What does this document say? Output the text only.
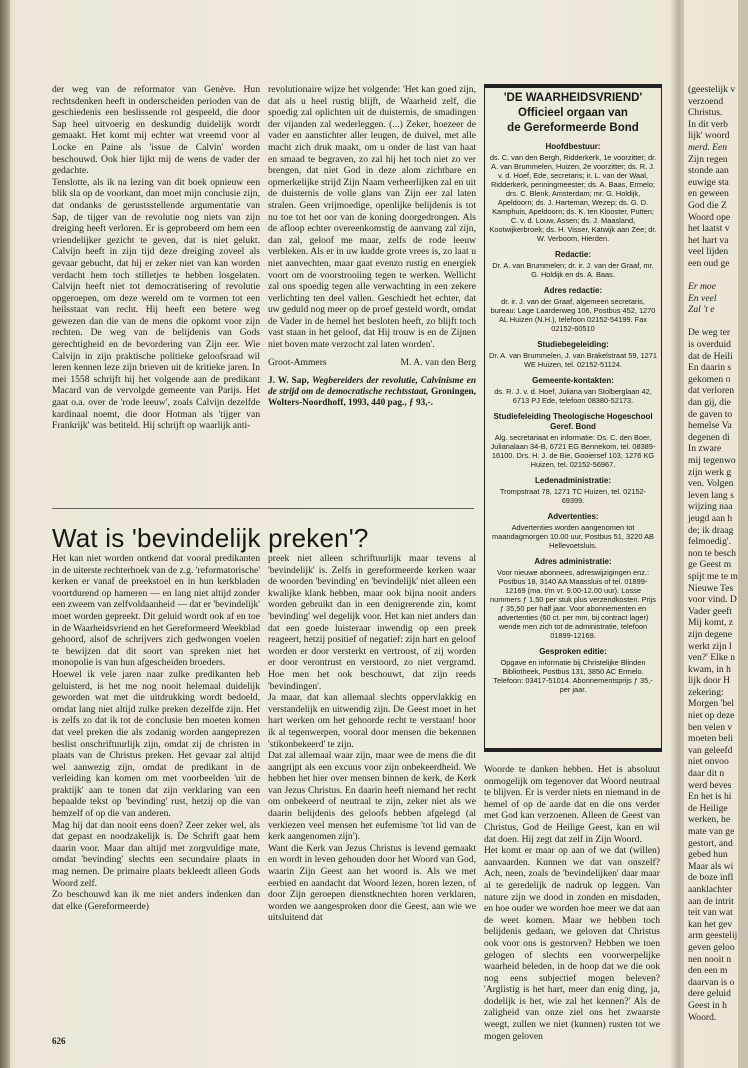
der weg van de reformator van Genève. Hun rechtsdenken heeft in onderscheiden perioden van de geschiedenis een beslissende rol gespeeld, die door Sap heel uitvoerig en deskundig duidelijk wordt gemaakt. Het komt mij echter wat vreemd voor al Locke en Paine als 'issue de Calvin' worden beschouwd. Ook hier lijkt mij de wens de vader der gedachte.

Tenslotte, als ik na lezing van dit boek opnieuw een blik sla op de voorkant, dan moet mijn conclusie zijn, dat ondanks de gerustsstellende argumentatie van Sap, de tijger van de revolutie nog niets van zijn dreiging heeft verloren. Er is geprobeerd om hem een vriendelijker gezicht te geven, dat is niet gelukt. Calvijn heeft in zijn tijd deze dreiging zoveel als gevaar gebucht, dat hij er zeker niet van kan worden verdacht hem toch stilletjes te hebben losgelaten. Calvijn heeft niet tot democratisering of revolutie opgeroepen, om deze wereld om te vormen tot een heilsstaat van recht. Hij heeft een betere weg gewezen dan die van de mens die opkomt voor zijn rechten. De weg van de belijdenis van Gods gerechtigheid en de bevordering van Zijn eer. Wie Calvijn in zijn praktische politieke geloofsraad wil leren kennen leze zijn brieven uit de kritieke jaren. In mei 1558 schrijft hij het volgende aan de predikant Macard van de vervolgde gemeente van Parijs. Het gaat o.a. over de 'rode leeuw', zoals Calvijn dezelfde kardinaal noemt, die door Hotman als 'tijger van Frankrijk' was betiteld. Hij schrijft op waarlijk anti-

revolutionaire wijze het volgende: 'Het kan goed zijn, dat als u heel rustig blijft, de Waarheid zelf, die spoedig zal oplichten uit de duisternis, de smadingen der vijanden zal wederleggen. (...) Zeker, hoezeer de vader en aanstichter aller leugen, de duivel, met alle macht zich druk maakt, om u onder de last van haat en smaad te begraven, zo zal hij het toch niet zo ver brengen, dat niet God in deze alom zichtbare en opmerkelijke strijd Zijn Naam verheerlijken zal en uit de duisternis de volle glans van Zijn eer zal laten stralen. Geen vrijmoedige, openlijke belijdenis is tot nu toe tot het oor van de koning doorgedrongen. Als de afloop echter overeenkomstig de aanvang zal zijn, dan zal, geloof me maar, zelfs de rode leeuw verbleken. Als er in uw kudde grote vrees is, zo laat u niet aanvechten, maar gaat evenzo rustig en energiek voort om de voorstrooiing tegen te werken. Wellicht zal ons spoedig tegen alle verwachting in een zekere verlichting ten deel vallen. Geschiedt het echter, dat uw geduld nog meer op de proef gesteld wordt, omdat de Vader in de hemel het besloten heeft, zo blijft toch vast staan in het geloof, dat Hij trouw is en de Zijnen niet boven mate verzocht zal laten worden'.

Groot-Ammers	M. A. van den Berg
J. W. Sap, Wegbereiders der revolutie, Calvinisme en de strijd om de democratische rechtsstaat, Groningen, Wolters-Noordhoff, 1993, 440 pag., ƒ 93,-.
Wat is 'bevindelijk preken'?

Het kan niet worden ontkend dat vooral predikanten in de uiterste rechterhoek van de z.g. 'reformatorische' kerken er vanaf de preekstoel en in hun kerkbladen voortdurend op hameren — en lang niet altijd zonder een zweem van zelfvoldaanheid — dat er 'bevindelijk' moet worden gepreekt. Dit geluid wordt ook af en toe in de Waarheidsvriend en het Gereformeerd Weekblad gehoord, alsof de schrijvers zich gedwongen voelen te bewijzen dat dit soort van spreken niet het monopolie is van hun afgescheiden broeders.

Hoewel ik vele jaren naar zulke predikanten heb geluisterd, is het me nog nooit helemaal duidelijk geworden wat met die uitdrukking wordt bedoeld, omdat lang niet altijd zulke preken dezelfde zijn. Het is zelfs zo dat ik tot de conclusie ben moeten komen dat veel preken die als zodanig worden aangeprezen beslist onschriftuurlijk zijn, omdat zij de christen in plaats van de Christus preken. Het gevaar zal altijd wel aanwezig zijn, omdat de predikant in de verleiding kan komen om met voorbeelden 'uit de praktijk' aan te tonen dat zijn verklaring van een bepaalde tekst op 'bevinding' rust, hetzij op die van hemzelf of op die van anderen.

Mag hij dat dan nooit eens doen? Zeer zeker wel, als dat gepast en noodzakelijk is. De Schrift gaat hem daarin voor. Maar dan altijd met zorgvuldige mate, omdat 'bevinding' slechts een secundaire plaats in mag nemen. De primaire plaats bekleedt alleen Gods Woord zelf.

Zo beschouwd kan ik me niet anders indenken dan dat elke (Gereformeerde)

preek niet alleen schriftuurlijk maar tevens al 'bevindelijk' is. Zelfs in gereformeerde kerken waar de woorden 'bevinding' en 'bevindelijk' niet alleen een kwalijke klank hebben, maar ook bijna nooit anders worden gebruikt dan in een denigrerende zin, komt 'bevinding' wel degelijk voor. Het kan niet anders dan dat een goede luisteraar inwendig op een preek reageert, hetzij positief of negatief: zijn hart en geloof worden er door versterkt en vertroost, of zij worden er door verontrust en verstoord, zo niet vergramd. Hoe men het ook beschouwt, dat zijn reeds 'bevindingen'.

Ja maar, dat kan allemaal slechts oppervlakkig en verstandelijk en uitwendig zijn. De Geest moet in het hart werken om het gehoorde recht te verstaan! hoor ik al tegenwerpen, vooral door mensen die bekennen 'stikonbekeerd' te zijn.

Dat zal allemaal waar zijn, maar wee de mens die dit aangrijpt als een excuus voor zijn onbekeerdheid. We hebben het hier over mensen binnen de kerk, de Kerk van Jezus Christus. En daarin heeft niemand het recht om onbekeerd of neutraal te zijn, zeker niet als we daarin belijdenis des geloofs hebben afgelegd (al verkiezen veel mensen het eufemisme 'tot lid van de kerk aangenomen zijn').

Want die Kerk van Jezus Christus is levend gemaakt en wordt in leven gehouden door het Woord van God, waarin Zijn Geest aan het woord is. Als we met eerbied en aandacht dat Woord lezen, horen lezen, of door Zijn geroepen dienstknechten horen verklaren, worden we aangesproken door die Geest, aan wie we uitsluitend dat

Woorde te danken hebben. Het is absoluut onmogelijk om tegenover dat Woord neutraal te blijven. Er is verder niets en niemand in de hemel of op de aarde dat en die ons verder met God kan verzoenen. Alleen de Geest van Christus, God de Heilige Geest, kan en wil dat doen. Hij zegt dat zelf in Zijn Woord.

Het komt er maar op aan of we dat (willen) aanvaarden. Kunnen we dat van onszelf? Ach, neen, zoals de 'bevindelijken' daar maar al te geredelijk de nadruk op leggen. Van nature zijn we dood in zonden en misdaden, en hoe ouder we worden hoe meer we dat aan de weet komen. Maar we hebben toch belijdenis gedaan, we geloven dat Christus ook voor ons is gestorven? Hebben we toen gelogen of slechts een voorwerpelijke waarheid beleden, in de hoop dat we die ook nog eens subjectief mogen beleven? 'Arglistig is het hart, meer dan enig ding, ja, dodelijk is het, wie zal het kennen?' Als de zaligheid van onze ziel ons het zwaarste weegt, zullen we niet (kunnen) rusten tot we mogen geloven

'DE WAARHEIDSVRIEND'
Officieel orgaan van
de Gereformeerde Bond
Hoofdbestuur:
ds. C. van den Bergh, Ridderkerk, 1e voorzitter; dr. A. van Brummelen, Huizen, 2e voorzitter; ds. R. J. v. d. Hoef, Ede, secretaris; ir. L. van der Waal, Ridderkerk, penningmeester; ds. A. Baas, Ermelo; drs. C. Blenk, Amsterdam; mr. G. Holdijk, Apeldoorn; ds. J. Harteman, Wezep; ds. G. D. Kamphuis, Apeldoorn; ds. K. ten Klooster, Putten; C. v. d. Louw, Assen; ds. J. Maasland, Kootwijkerbroek; ds. H. Visser, Katwijk aan Zee; dr. W. Verboom, Hierden.
Redactie:
Dr. A. van Brummelen; dr. ir. J. van der Graaf, mr. G. Holdijk en ds. A. Baas.
Adres redactie:
dr. ir. J. van der Graaf, algemeen secretaris, bureau: Lage Laarderweg 106, Postbus 452, 1270 AL Huizen (N.H.), telefoon 02152-54199. Fax 02152-60510
Studiebegeleiding:
Dr. A. van Brummelen, J. van Brakelstraat 59, 1271 WE Huizen, tel. 02152-51124.
Gemeente-kontakten:
ds. R. J. v. d. Hoef, Juliana van Stolberglaan 42, 6713 PJ Ede, telefoon 08380-52173.
Studiefeleiding Theologische Hogeschool Geref. Bond
Alg. secretariaat en informatie: Ds. C. den Boer, Julianalaan 34-B, 6721 EG Bennekom, tel. 08389-16100. Drs. H. J. de Bie, Gooiersef 103, 1276 KG Huizen, tel. 02152-56967.
Ledenadministratie:
Trompstraat 78, 1271 TC Huizen, tel. 02152-69399.
Advertenties:
Advertenties worden aangenomen tot maandagmorgen 10.00 uur, Postbus 51, 3220 AB Hellevoetsluis.
Adres administratie:
Voor nieuwe abonnees, adreswijzigingen enz.: Postbus 18, 3140 AA Maassluis of tel. 01899-12169 (ma. t/m vr. 9.00-12.00 uur). Losse nummers ƒ 1,50 per stuk plus verzendkosten. Prijs ƒ 35,50 per half jaar. Voor abonnementen en advertenties (60 ct. per mm, bij contract lager) wende men zich tot de administratie, telefoon 01899-12169.
Gesproken editie:
Opgave en informatie bij Christelijke Blinden Bibliotheek, Postbus 131, 3850 AC Ermelo. Telefoon: 03417-51014. Abonnementsprijs ƒ 35,- per jaar.
(geestelijk v
verzoend
Christus.
In dit verb
lijk' woord
merd. Een
Zijn regen
stonde aan
euwige sta
en geween
God die Z
Woord ope
het laatst v
het hart va
veel lijden
een oud ge
Er moe
En veel
Zal 't e
De weg ter
is overduid
dat de Heili
En daarin s
gekomen o
dat verloren
dan gij, die
de gaven to
hemelse Va
degenen di
In zware
mij tegenwo
zijn werk g
ven. Volgen
leven lang s
wijzing naa
jeugd aan h
de; ik draag
felmoedig'.
non te besch
ge Geest m
spijt me te m
Nieuwe Tes
voor vind. D
Vader geeft
Mij komt, z
zijn degene
werkt zijn l
ven?' Elke n
kwam, in h
lijk door H
zekering:
Morgen 'bel
niet op deze
ben velen v
moeten beli
van geleefd
niet onvoo
daar dit n
werd beves
En het is hi
de Heilige
werken, he
mate van ge
gestort, and
gebed hun
Maar als wi
de boze infl
aanklachter
aan de intrit
teit van wat
kan het gev
arm geestelij
geven geloo
nen nooit n
den een m
daarvan is o
dere geluid
Geest in h
Woord.
626
